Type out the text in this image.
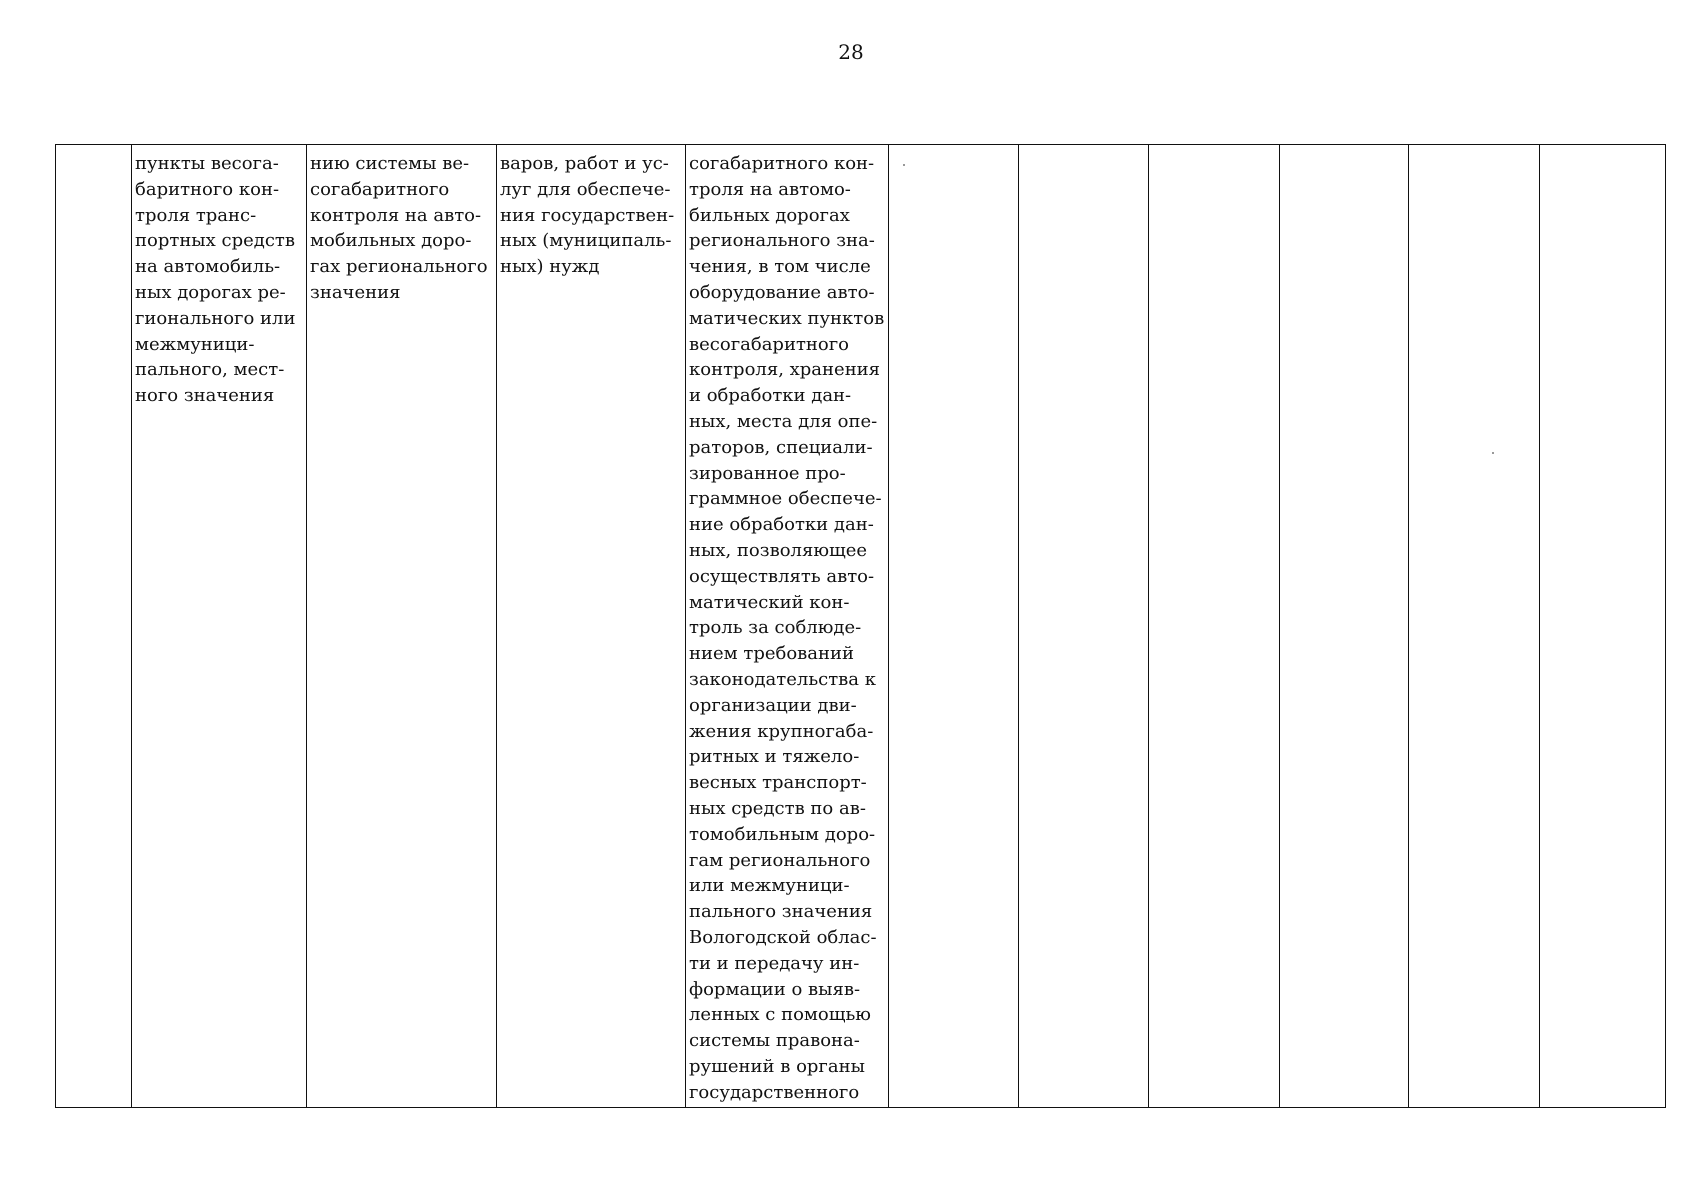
28
	пункты весога-
баритного кон-
троля транс-
портных средств
на автомобиль-
ных дорогах ре-
гионального или
межмуници-
пального, мест-
ного значения	нию системы ве-
согабаритного
контроля на авто-
мобильных доро-
гах регионального
значения	варов, работ и ус-
луг для обеспече-
ния государствен-
ных (муниципаль-
ных) нужд	согабаритного кон-
троля на автомо-
бильных дорогах
регионального зна-
чения, в том числе
оборудование авто-
матических пунктов
весогабаритного
контроля, хранения
и обработки дан-
ных, места для опе-
раторов, специали-
зированное про-
граммное обеспече-
ние обработки дан-
ных, позволяющее
осуществлять авто-
матический кон-
троль за соблюде-
нием требований
законодательства к
организации дви-
жения крупногаба-
ритных и тяжело-
весных транспорт-
ных средств по ав-
томобильным доро-
гам регионального
или межмуници-
пального значения
Вологодской облас-
ти и передачу ин-
формации о выяв-
ленных с помощью
системы правона-
рушений в органы
государственного						
